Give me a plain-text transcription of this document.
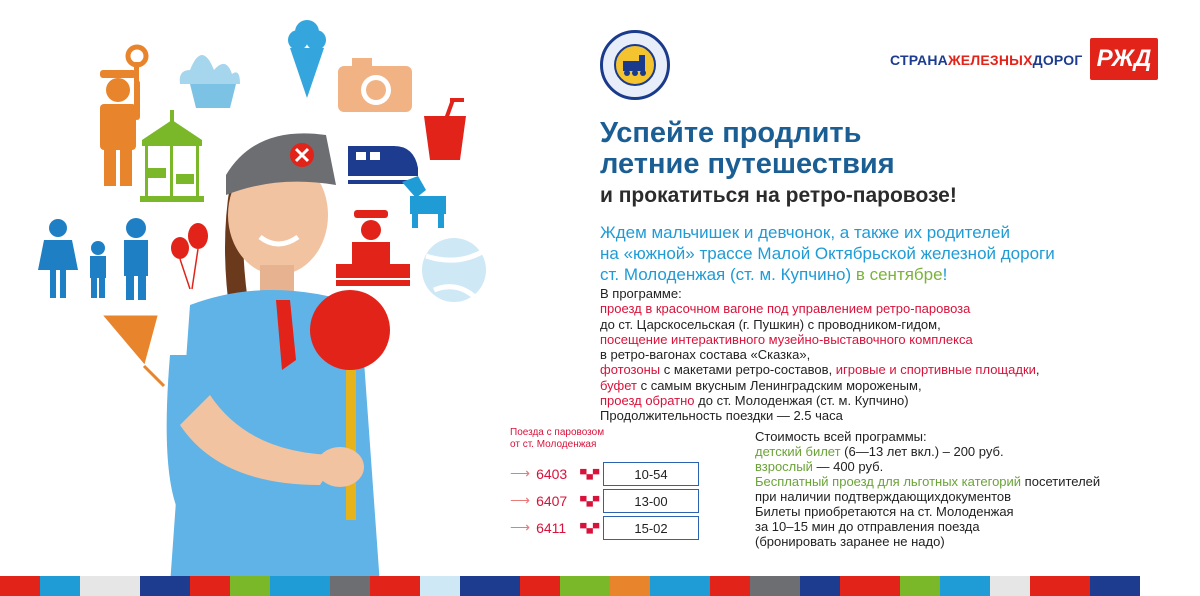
СТРАНАЖЕЛЕЗНЫХДОРОГ РЖД
Успейте продлить
летние путешествия
и прокатиться на ретро-паровозе!
Ждем мальчишек и девчонок, а также их родителей
на «южной» трассе Малой Октябрьской железной дороги
ст. Молоденжая (ст. м. Купчино) в сентябре!
В программе:
проезд в красочном вагоне под управлением ретро-паровоза
до ст. Царскосельская (г. Пушкин) с проводником-гидом,
посещение интерактивного музейно-выставочного комплекса
в ретро-вагонах состава «Сказка»,
фотозоны с макетами ретро-составов, игровые и спортивные площадки,
буфет с самым вкусным Ленинградским мороженым,
проезд обратно до ст. Молоденжая (ст. м. Купчино)
Продолжительность поездки — 2.5 часа
Поезда с паровозом
от ст. Молоденжая
⟶ 6403	▀▄▀	10-54
⟶ 6407	▀▄▀	13-00
⟶ 6411	▀▄▀	15-02
Стоимость всей программы:
детский билет (6—13 лет вкл.) – 200 руб.
взрослый — 400 руб.
Бесплатный проезд для льготных категорий посетителей
при наличии подтверждающихдокументов
Билеты приобретаются на ст. Молоденжая
за 10–15 мин до отправления поезда
(бронировать заранее не надо)
